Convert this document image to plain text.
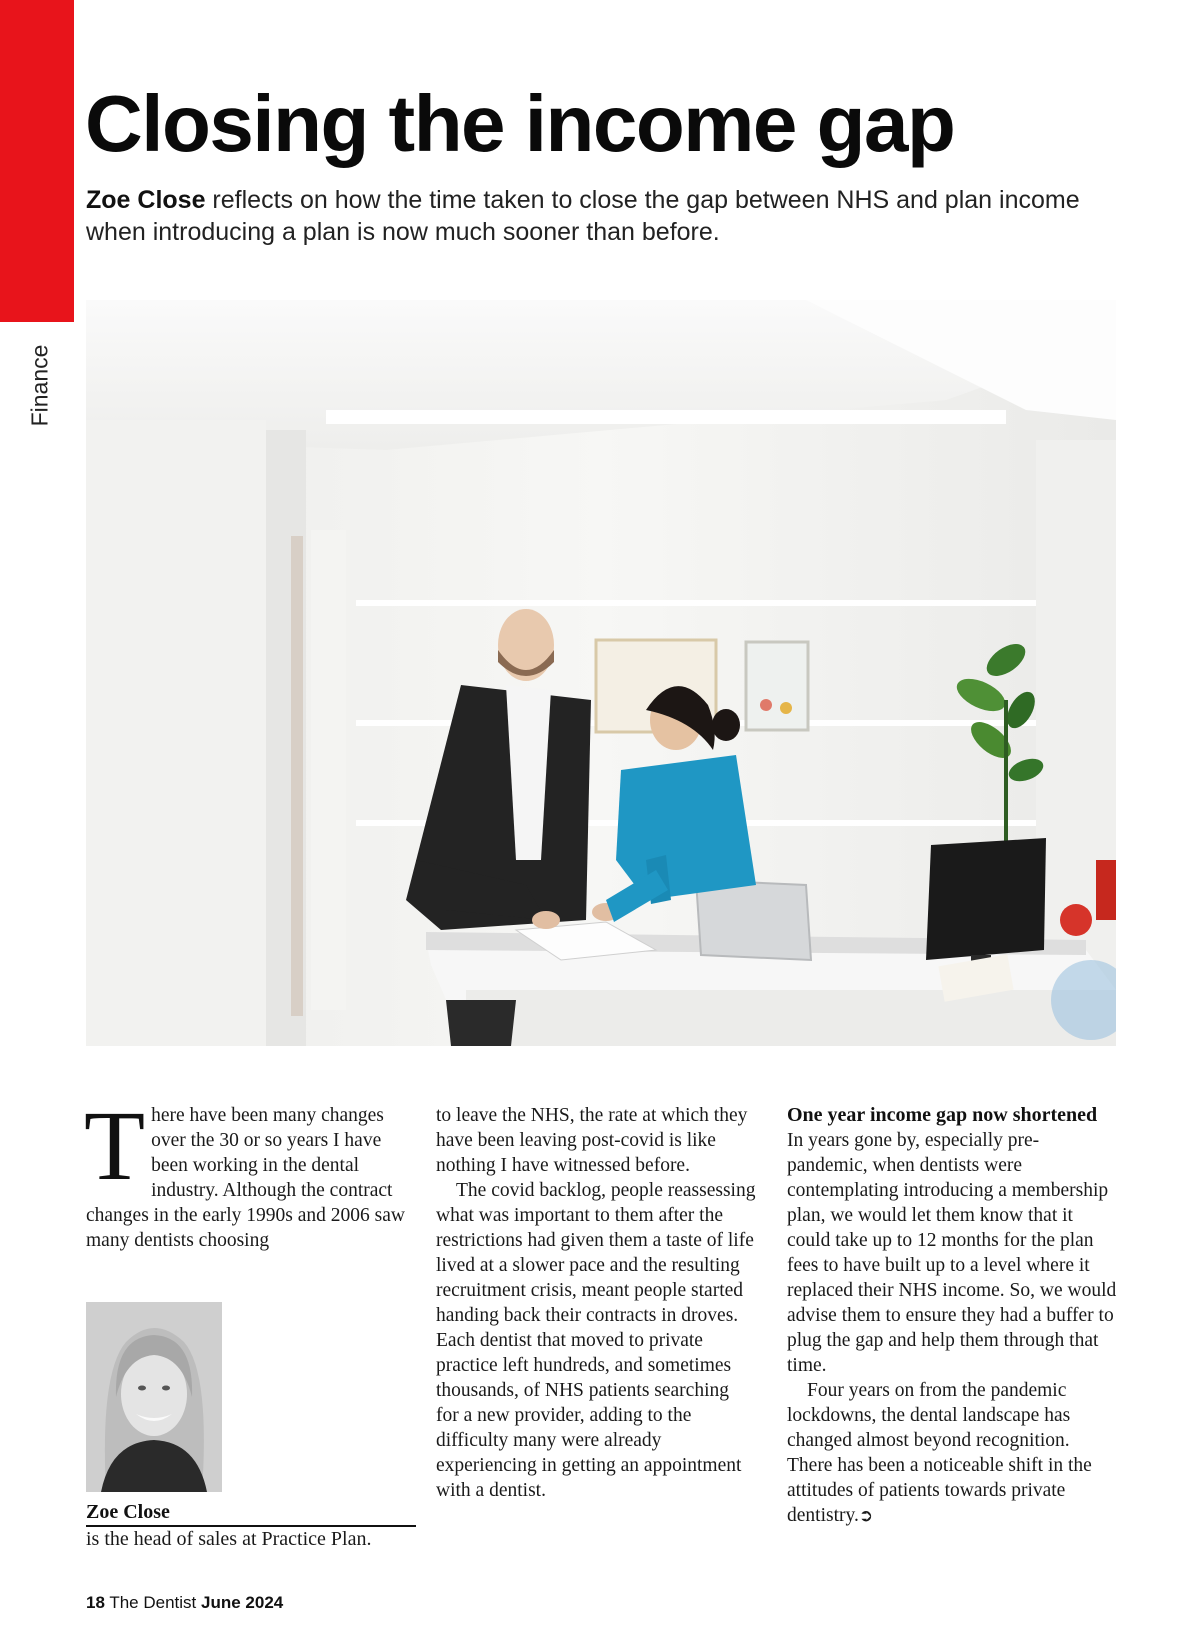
Finance
Closing the income gap

Zoe Close reflects on how the time taken to close the gap between NHS and plan income when introducing a plan is now much sooner than before.

There have been many changes over the 30 or so years I have been working in the dental industry. Although the contract changes in the early 1990s and 2006 saw many dentists choosing

Zoe Close
is the head of sales at Practice Plan.

to leave the NHS, the rate at which they have been leaving post-covid is like nothing I have witnessed before.

The covid backlog, people reassessing what was important to them after the restrictions had given them a taste of life lived at a slower pace and the resulting recruitment crisis, meant people started handing back their contracts in droves. Each dentist that moved to private practice left hundreds, and sometimes thousands, of NHS patients searching for a new provider, adding to the difficulty many were already experiencing in getting an appointment with a dentist.

One year income gap now shortened

In years gone by, especially pre-pandemic, when dentists were contemplating introducing a membership plan, we would let them know that it could take up to 12 months for the plan fees to have built up to a level where it replaced their NHS income. So, we would advise them to ensure they had a buffer to plug the gap and help them through that time.

Four years on from the pandemic lockdowns, the dental landscape has changed almost beyond recognition. There has been a noticeable shift in the attitudes of patients towards private dentistry.➲

18 The Dentist June 2024
